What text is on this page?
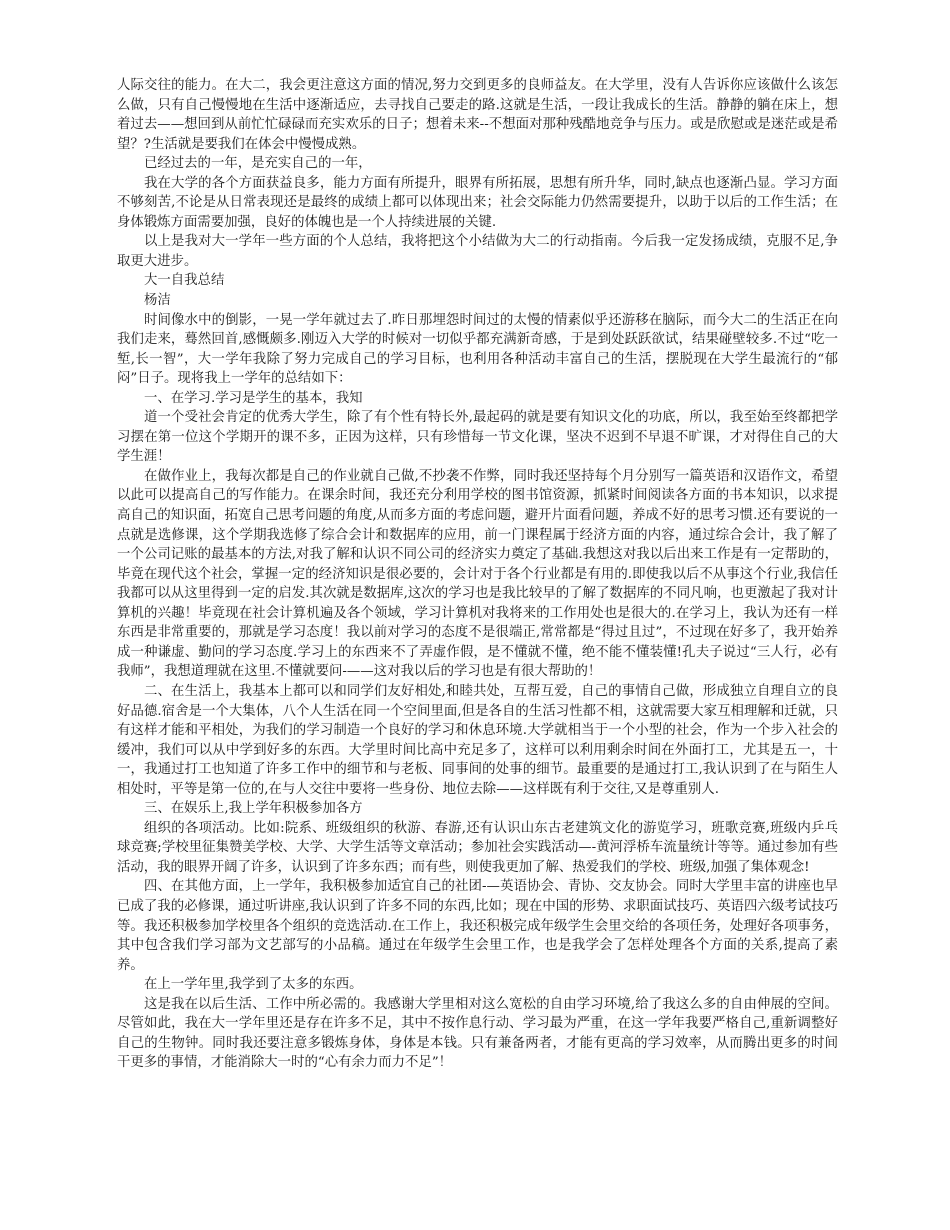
人际交往的能力。在大二，我会更注意这方面的情况,努力交到更多的良师益友。在大学里，没有人告诉你应该做什么该怎么做，只有自己慢慢地在生活中逐渐适应，去寻找自己要走的路.这就是生活，一段让我成长的生活。静静的躺在床上，想着过去——想回到从前忙忙碌碌而充实欢乐的日子；想着未来--不想面对那种残酷地竞争与压力。或是欣慰或是迷茫或是希望？?生活就是要我们在体会中慢慢成熟。

已经过去的一年，是充实自己的一年，

我在大学的各个方面获益良多，能力方面有所提升，眼界有所拓展，思想有所升华，同时,缺点也逐渐凸显。学习方面不够刻苦,不论是从日常表现还是最终的成绩上都可以体现出来；社会交际能力仍然需要提升，以助于以后的工作生活；在身体锻炼方面需要加强，良好的体魄也是一个人持续进展的关键.

以上是我对大一学年一些方面的个人总结，我将把这个小结做为大二的行动指南。今后我一定发扬成绩，克服不足,争取更大进步。

大一自我总结

杨洁

时间像水中的倒影，一晃一学年就过去了.昨日那埋怨时间过的太慢的情素似乎还游移在脑际，而今大二的生活正在向我们走来，蓦然回首,感慨颇多.刚迈入大学的时候对一切似乎都充满新奇感，于是到处跃跃欲试，结果碰壁较多.不过“吃一堑,长一智”，大一学年我除了努力完成自己的学习目标，也利用各种活动丰富自己的生活，摆脱现在大学生最流行的“郁闷”日子。现将我上一学年的总结如下：

一、在学习.学习是学生的基本，我知

道一个受社会肯定的优秀大学生，除了有个性有特长外,最起码的就是要有知识文化的功底，所以，我至始至终都把学习摆在第一位这个学期开的课不多，正因为这样，只有珍惜每一节文化课，坚决不迟到不早退不旷课，才对得住自己的大学生涯！

在做作业上，我每次都是自己的作业就自己做,不抄袭不作弊，同时我还坚持每个月分别写一篇英语和汉语作文，希望以此可以提高自己的写作能力。在课余时间，我还充分利用学校的图书馆资源，抓紧时间阅读各方面的书本知识，以求提高自己的知识面，拓宽自己思考问题的角度,从而多方面的考虑问题，避开片面看问题，养成不好的思考习惯.还有要说的一点就是选修课，这个学期我选修了综合会计和数据库的应用，前一门课程属于经济方面的内容，通过综合会计，我了解了一个公司记账的最基本的方法,对我了解和认识不同公司的经济实力奠定了基础.我想这对我以后出来工作是有一定帮助的，毕竟在现代这个社会，掌握一定的经济知识是很必要的，会计对于各个行业都是有用的.即使我以后不从事这个行业,我信任我都可以从这里得到一定的启发.其次就是数据库,这次的学习也是我比较早的了解了数据库的不同凡响，也更激起了我对计算机的兴趣！毕竟现在社会计算机遍及各个领域，学习计算机对我将来的工作用处也是很大的.在学习上，我认为还有一样东西是非常重要的，那就是学习态度！我以前对学习的态度不是很端正,常常都是“得过且过”，不过现在好多了，我开始养成一种谦虚、勤问的学习态度.学习上的东西来不了弄虚作假，是不懂就不懂，绝不能不懂装懂!孔夫子说过“三人行，必有我师”，我想道理就在这里.不懂就要问-——这对我以后的学习也是有很大帮助的！

二、在生活上，我基本上都可以和同学们友好相处,和睦共处，互帮互爱，自己的事情自己做，形成独立自理自立的良好品德.宿舍是一个大集体，八个人生活在同一个空间里面,但是各自的生活习性都不相，这就需要大家互相理解和迁就，只有这样才能和平相处，为我们的学习制造一个良好的学习和休息环境.大学就相当于一个小型的社会，作为一个步入社会的缓冲，我们可以从中学到好多的东西。大学里时间比高中充足多了，这样可以利用剩余时间在外面打工，尤其是五一，十一，我通过打工也知道了许多工作中的细节和与老板、同事间的处事的细节。最重要的是通过打工,我认识到了在与陌生人相处时，平等是第一位的,在与人交往中要将一些身份、地位去除——这样既有利于交往,又是尊重别人.

三、在娱乐上,我上学年积极参加各方

组织的各项活动。比如:院系、班级组织的秋游、春游,还有认识山东古老建筑文化的游览学习，班歌竞赛,班级内乒乓球竞赛;学校里征集赞美学校、大学、大学生活等文章活动；参加社会实践活动—-黄河浮桥车流量统计等等。通过参加有些活动，我的眼界开阔了许多，认识到了许多东西；而有些，则使我更加了解、热爱我们的学校、班级,加强了集体观念!

四、在其他方面，上一学年，我积极参加适宜自己的社团-—英语协会、青协、交友协会。同时大学里丰富的讲座也早已成了我的必修课，通过听讲座,我认识到了许多不同的东西,比如；现在中国的形势、求职面试技巧、英语四六级考试技巧等。我还积极参加学校里各个组织的竞选活动.在工作上，我还积极完成年级学生会里交给的各项任务，处理好各项事务，其中包含我们学习部为文艺部写的小品稿。通过在年级学生会里工作，也是我学会了怎样处理各个方面的关系,提高了素养。

在上一学年里,我学到了太多的东西。

这是我在以后生活、工作中所必需的。我感谢大学里相对这么宽松的自由学习环境,给了我这么多的自由伸展的空间。尽管如此，我在大一学年里还是存在许多不足，其中不按作息行动、学习最为严重，在这一学年我要严格自己,重新调整好自己的生物钟。同时我还要注意多锻炼身体，身体是本钱。只有兼备两者，才能有更高的学习效率，从而腾出更多的时间干更多的事情，才能消除大一时的“心有余力而力不足”！
